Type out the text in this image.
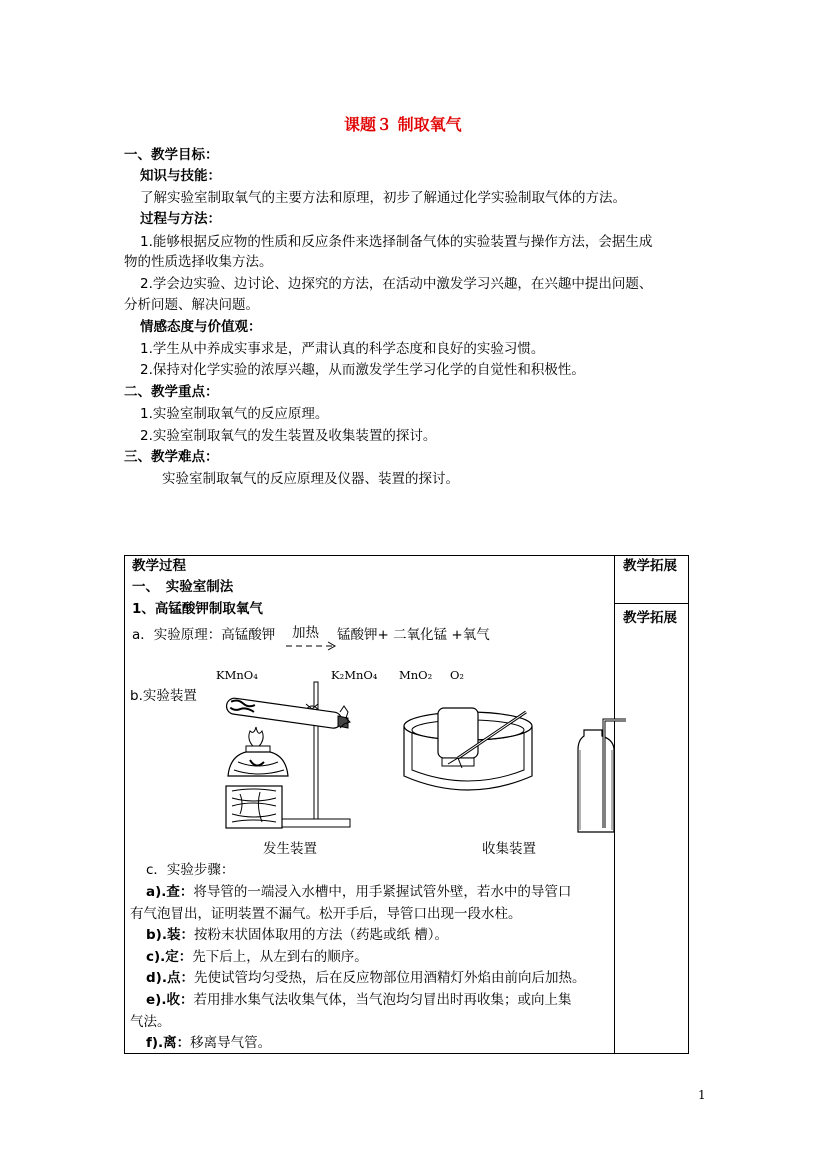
课题３ 制取氧气
一、教学目标：
知识与技能：
了解实验室制取氧气的主要方法和原理，初步了解通过化学实验制取气体的方法。
过程与方法：
1.能够根据反应物的性质和反应条件来选择制备气体的实验装置与操作方法，会据生成
物的性质选择收集方法。
2.学会边实验、边讨论、边探究的方法，在活动中激发学习兴趣，在兴趣中提出问题、
分析问题、解决问题。
情感态度与价值观：
1.学生从中养成实事求是，严肃认真的科学态度和良好的实验习惯。
2.保持对化学实验的浓厚兴趣，从而激发学生学习化学的自觉性和积极性。
二、教学重点：
1.实验室制取氧气的反应原理。
2.实验室制取氧气的发生装置及收集装置的探讨。
三、教学难点：
实验室制取氧气的反应原理及仪器、装置的探讨。
教学过程	教学拓展
教学拓展
一、　实验室制法
1、高锰酸钾制取氧气
a．实验原理：高锰酸钾 加热 锰酸钾+ 二氧化锰 +氧气
KMnO₄	K₂MnO₄ MnO₂ O₂
b.实验装置
发生装置	收集装置
c．实验步骤：
a).查：将导管的一端浸入水槽中，用手紧握试管外壁，若水中的导管口
有气泡冒出，证明装置不漏气。松开手后，导管口出现一段水柱。
b).装：按粉末状固体取用的方法（药匙或纸 槽）。
c).定：先下后上，从左到右的顺序。
d).点：先使试管均匀受热，后在反应物部位用酒精灯外焰由前向后加热。
e).收：若用排水集气法收集气体，当气泡均匀冒出时再收集；或向上集
气法。
f).离：移离导气管。
1
